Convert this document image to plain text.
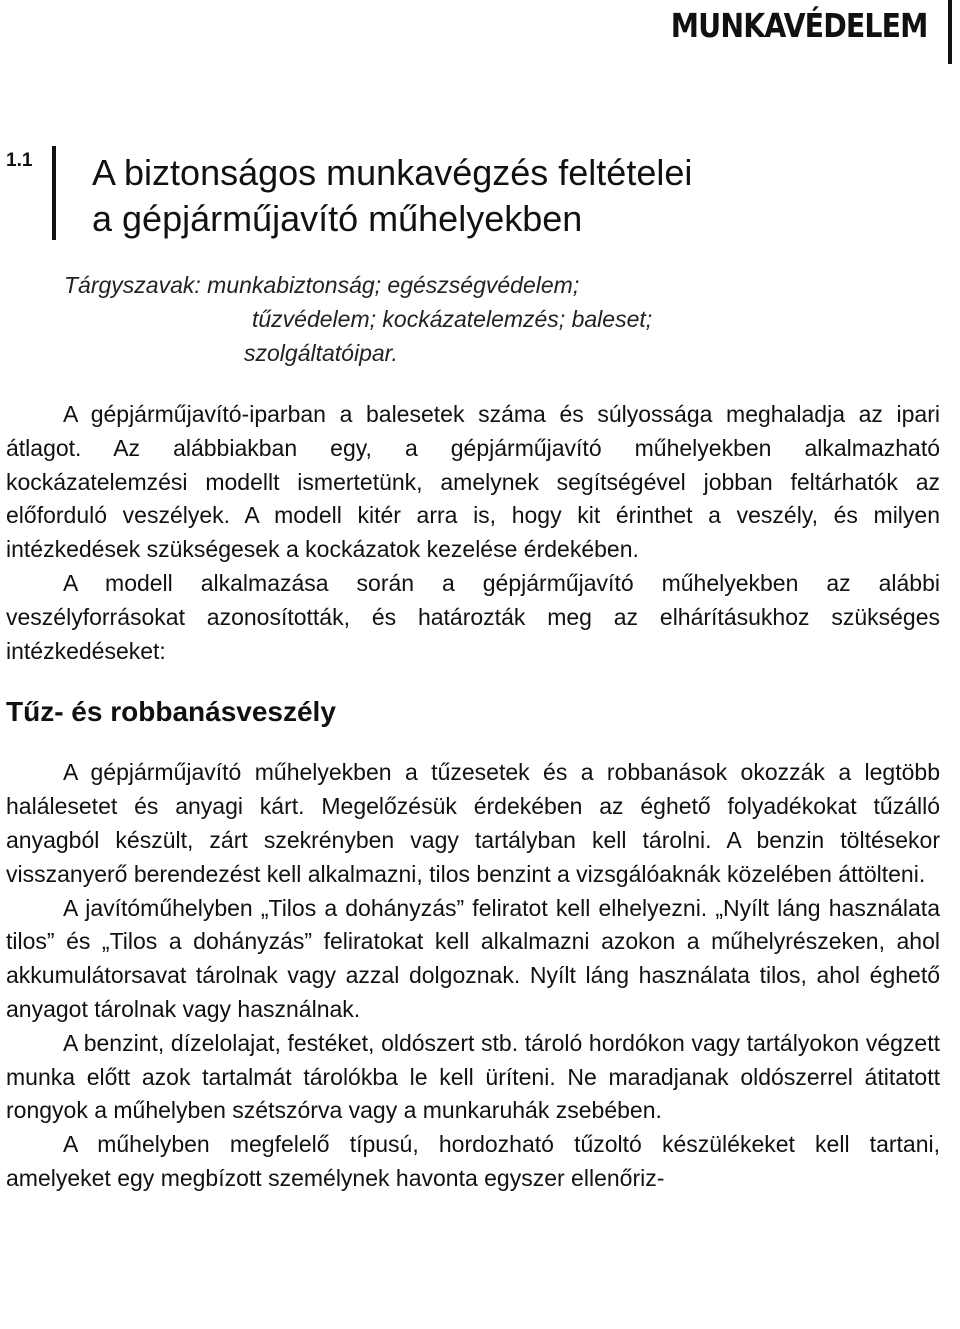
MUNKAVÉDELEM
1.1 A biztonságos munkavégzés feltételei
a gépjárműjavító műhelyekben
Tárgyszavak: munkabiztonság; egészségvédelem;
tűzvédelem; kockázatelemzés; baleset;
szolgáltatóipar.

A gépjárműjavító-iparban a balesetek száma és súlyossága meghaladja az ipari átlagot. Az alábbiakban egy, a gépjárműjavító műhelyekben alkalmazható kockázatelemzési modellt ismertetünk, amelynek segítségével jobban feltárhatók az előforduló veszélyek. A modell kitér arra is, hogy kit érinthet a veszély, és milyen intézkedések szükségesek a kockázatok kezelése érdekében.

A modell alkalmazása során a gépjárműjavító műhelyekben az alábbi veszélyforrásokat azonosították, és határozták meg az elhárításukhoz szükséges intézkedéseket:

Tűz- és robbanásveszély

A gépjárműjavító műhelyekben a tűzesetek és a robbanások okozzák a legtöbb halálesetet és anyagi kárt. Megelőzésük érdekében az éghető folyadékokat tűzálló anyagból készült, zárt szekrényben vagy tartályban kell tárolni. A benzin töltésekor visszanyerő berendezést kell alkalmazni, tilos benzint a vizsgálóaknák közelében áttölteni.

A javítóműhelyben „Tilos a dohányzás” feliratot kell elhelyezni. „Nyílt láng használata tilos” és „Tilos a dohányzás” feliratokat kell alkalmazni azokon a műhelyrészeken, ahol akkumulátorsavat tárolnak vagy azzal dolgoznak. Nyílt láng használata tilos, ahol éghető anyagot tárolnak vagy használnak.

A benzint, dízelolajat, festéket, oldószert stb. tároló hordókon vagy tartályokon végzett munka előtt azok tartalmát tárolókba le kell üríteni. Ne maradjanak oldószerrel átitatott rongyok a műhelyben szétszórva vagy a munkaruhák zsebében.

A műhelyben megfelelő típusú, hordozható tűzoltó készülékeket kell tartani, amelyeket egy megbízott személynek havonta egyszer ellenőriz-
